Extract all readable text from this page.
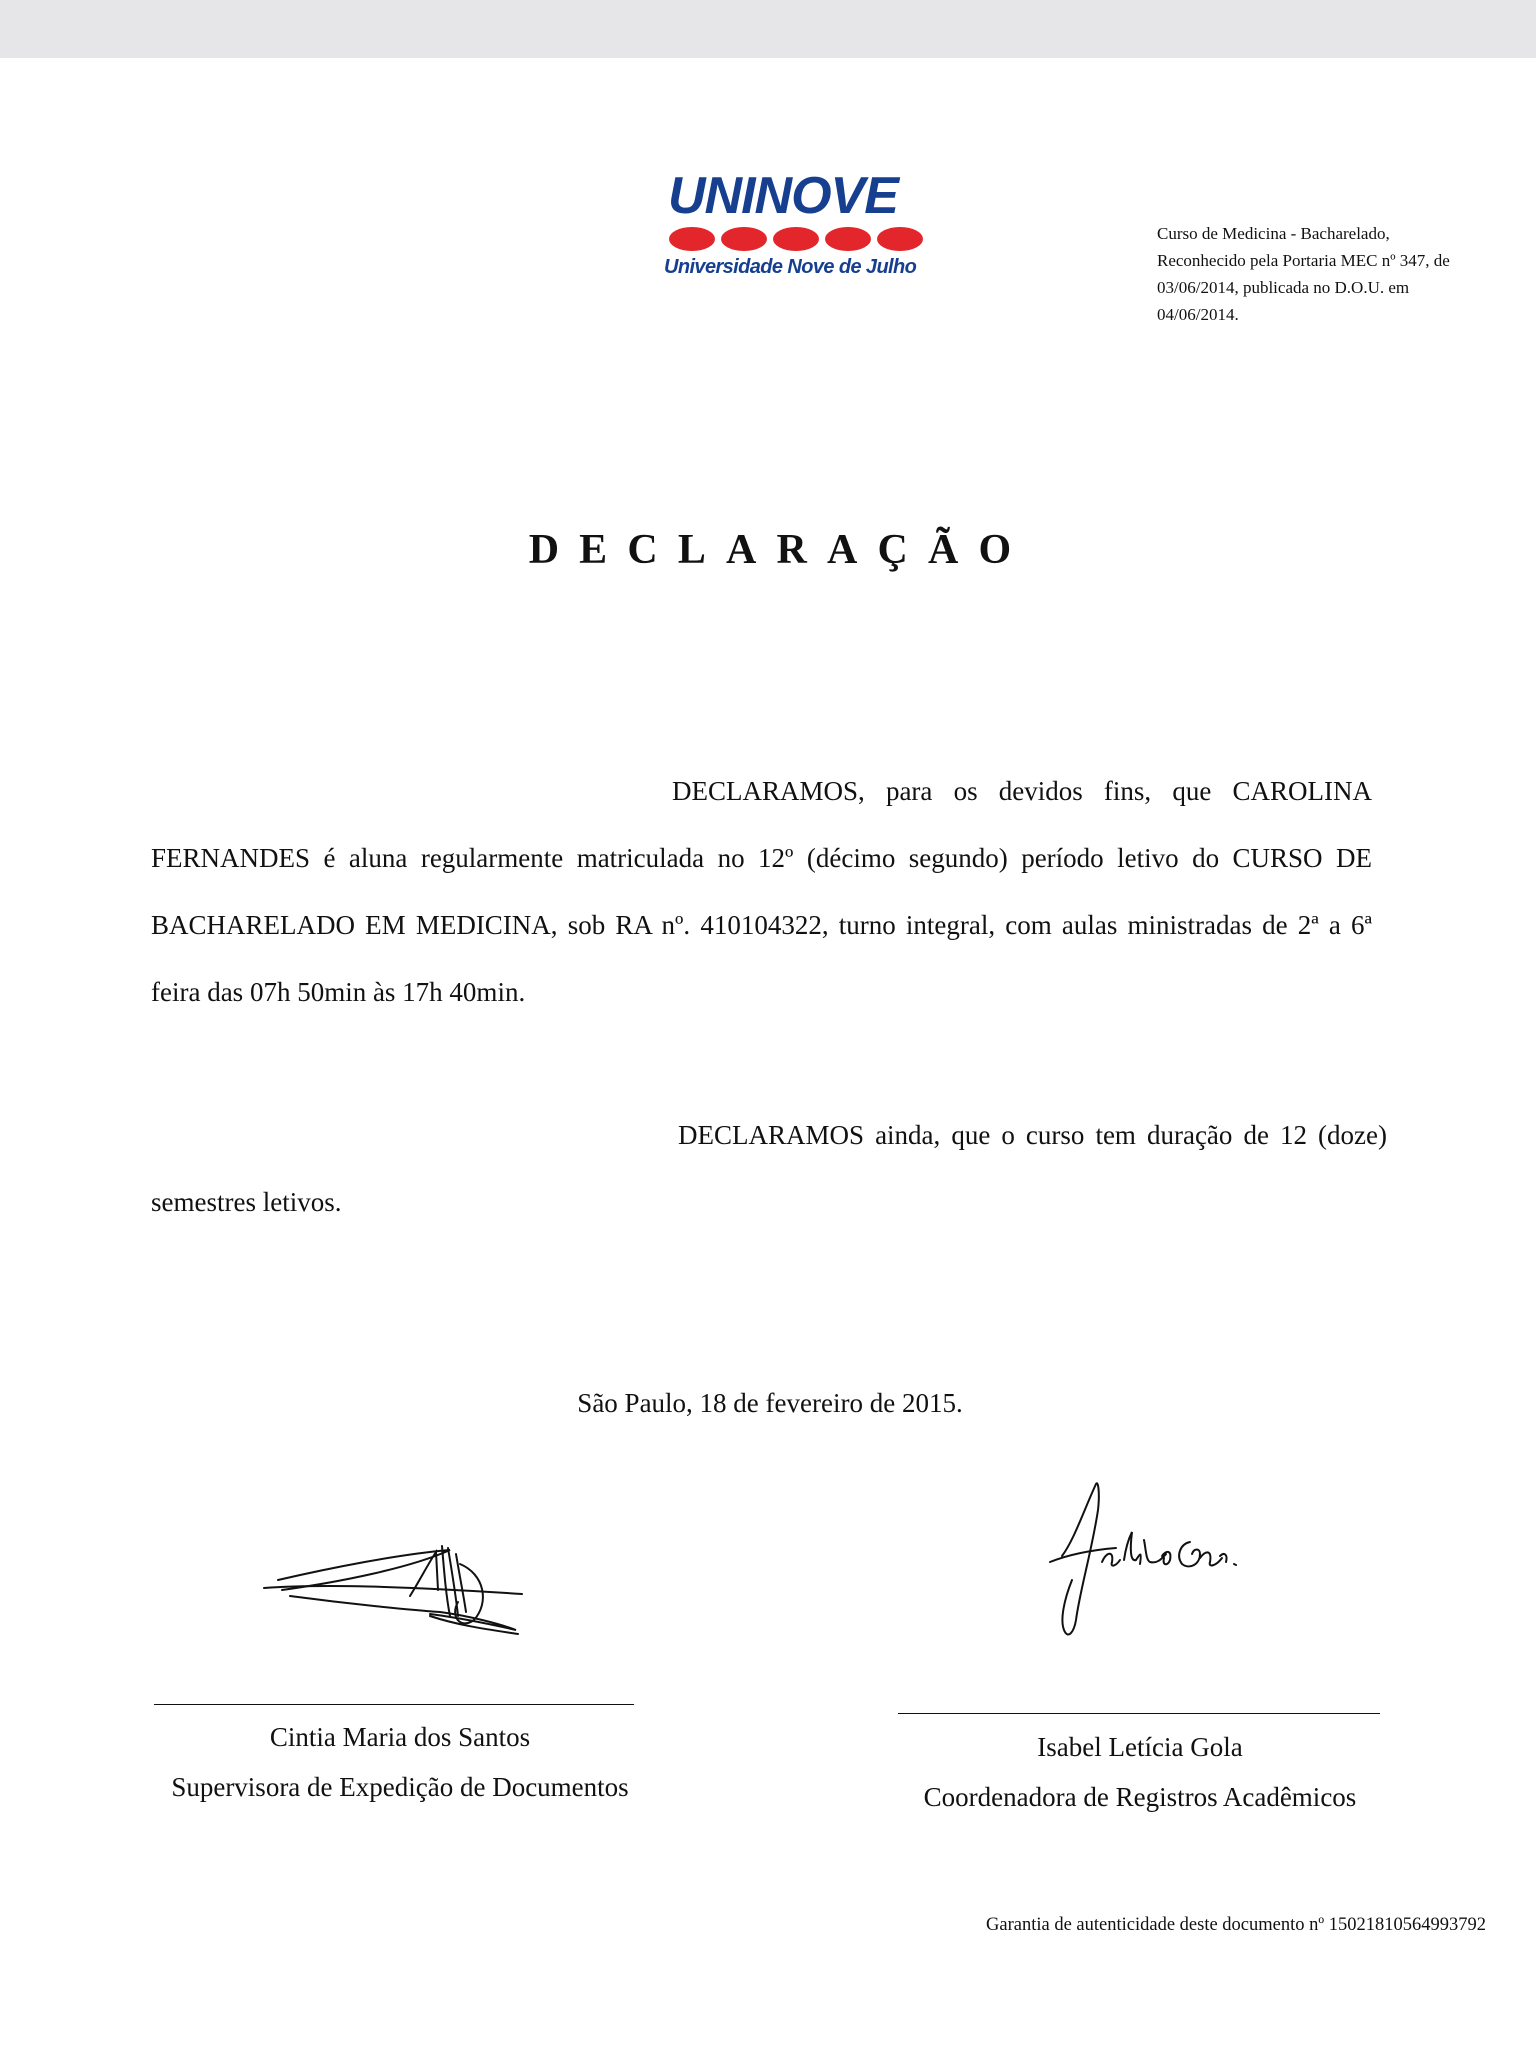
UNINOVE

Universidade Nove de Julho

Curso de Medicina - Bacharelado,
Reconhecido pela Portaria MEC nº 347, de
03/06/2014, publicada no D.O.U. em
04/06/2014.

DECLARAÇÃO

DECLARAMOS, para os devidos fins, que CAROLINA FERNANDES é aluna regularmente matriculada no 12º (décimo segundo) período letivo do CURSO DE BACHARELADO EM MEDICINA, sob RA nº. 410104322, turno integral, com aulas ministradas de 2ª a 6ª feira das 07h 50min às 17h 40min.

DECLARAMOS ainda, que o curso tem duração de 12 (doze) semestres letivos.

São Paulo, 18 de fevereiro de 2015.

Cintia Maria dos Santos

Supervisora de Expedição de Documentos

Isabel Letícia Gola

Coordenadora de Registros Acadêmicos

Garantia de autenticidade deste documento nº 15021810564993792
